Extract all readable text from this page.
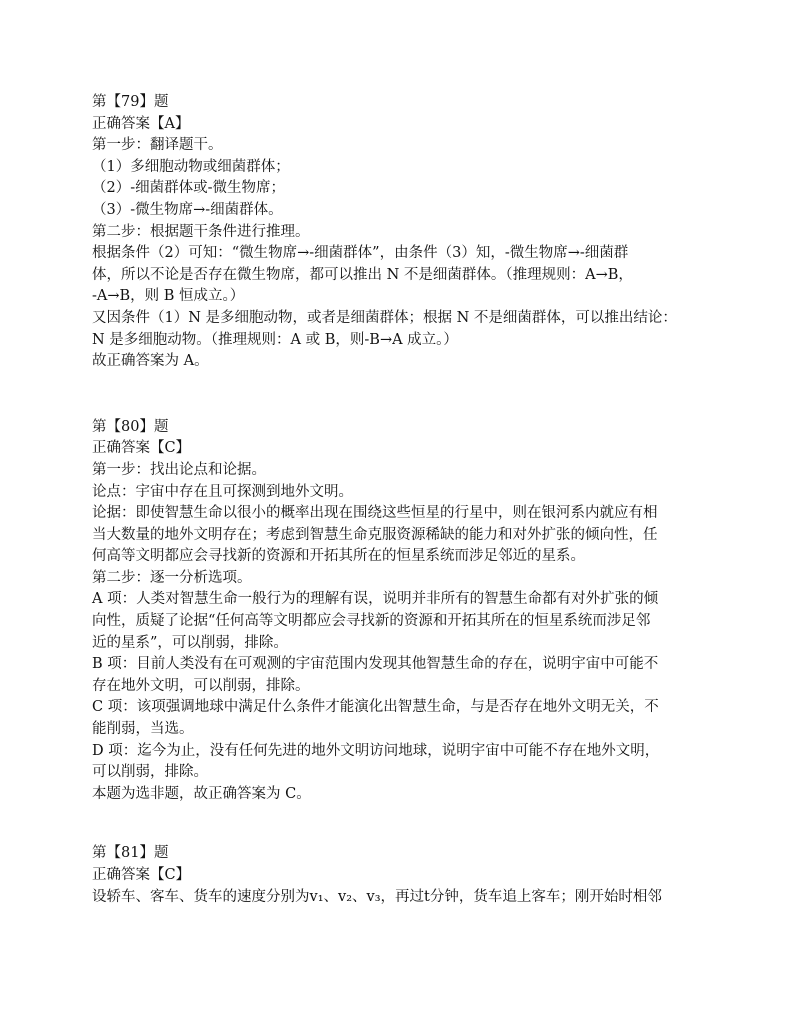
第【79】题

正确答案【A】

第一步：翻译题干。

（1）多细胞动物或细菌群体；

（2）-细菌群体或-微生物席；

（3）-微生物席→-细菌群体。

第二步：根据题干条件进行推理。

根据条件（2）可知：“微生物席→-细菌群体”，由条件（3）知，-微生物席→-细菌群

体，所以不论是否存在微生物席，都可以推出 N 不是细菌群体。（推理规则：A→B，

-A→B，则 B 恒成立。）

又因条件（1）N 是多细胞动物，或者是细菌群体；根据 N 不是细菌群体，可以推出结论：

N 是多细胞动物。（推理规则：A 或 B，则-B→A 成立。）

故正确答案为 A。

第【80】题

正确答案【C】

第一步：找出论点和论据。

论点：宇宙中存在且可探测到地外文明。

论据：即使智慧生命以很小的概率出现在围绕这些恒星的行星中，则在银河系内就应有相

当大数量的地外文明存在；考虑到智慧生命克服资源稀缺的能力和对外扩张的倾向性，任

何高等文明都应会寻找新的资源和开拓其所在的恒星系统而涉足邻近的星系。

第二步：逐一分析选项。

A 项：人类对智慧生命一般行为的理解有误，说明并非所有的智慧生命都有对外扩张的倾

向性，质疑了论据“任何高等文明都应会寻找新的资源和开拓其所在的恒星系统而涉足邻

近的星系”，可以削弱，排除。

B 项：目前人类没有在可观测的宇宙范围内发现其他智慧生命的存在，说明宇宙中可能不

存在地外文明，可以削弱，排除。

C 项：该项强调地球中满足什么条件才能演化出智慧生命，与是否存在地外文明无关，不

能削弱，当选。

D 项：迄今为止，没有任何先进的地外文明访问地球，说明宇宙中可能不存在地外文明，

可以削弱，排除。

本题为选非题，故正确答案为 C。

第【81】题

正确答案【C】

设轿车、客车、货车的速度分别为v₁、v₂、v₃，再过t分钟，货车追上客车；刚开始时相邻
